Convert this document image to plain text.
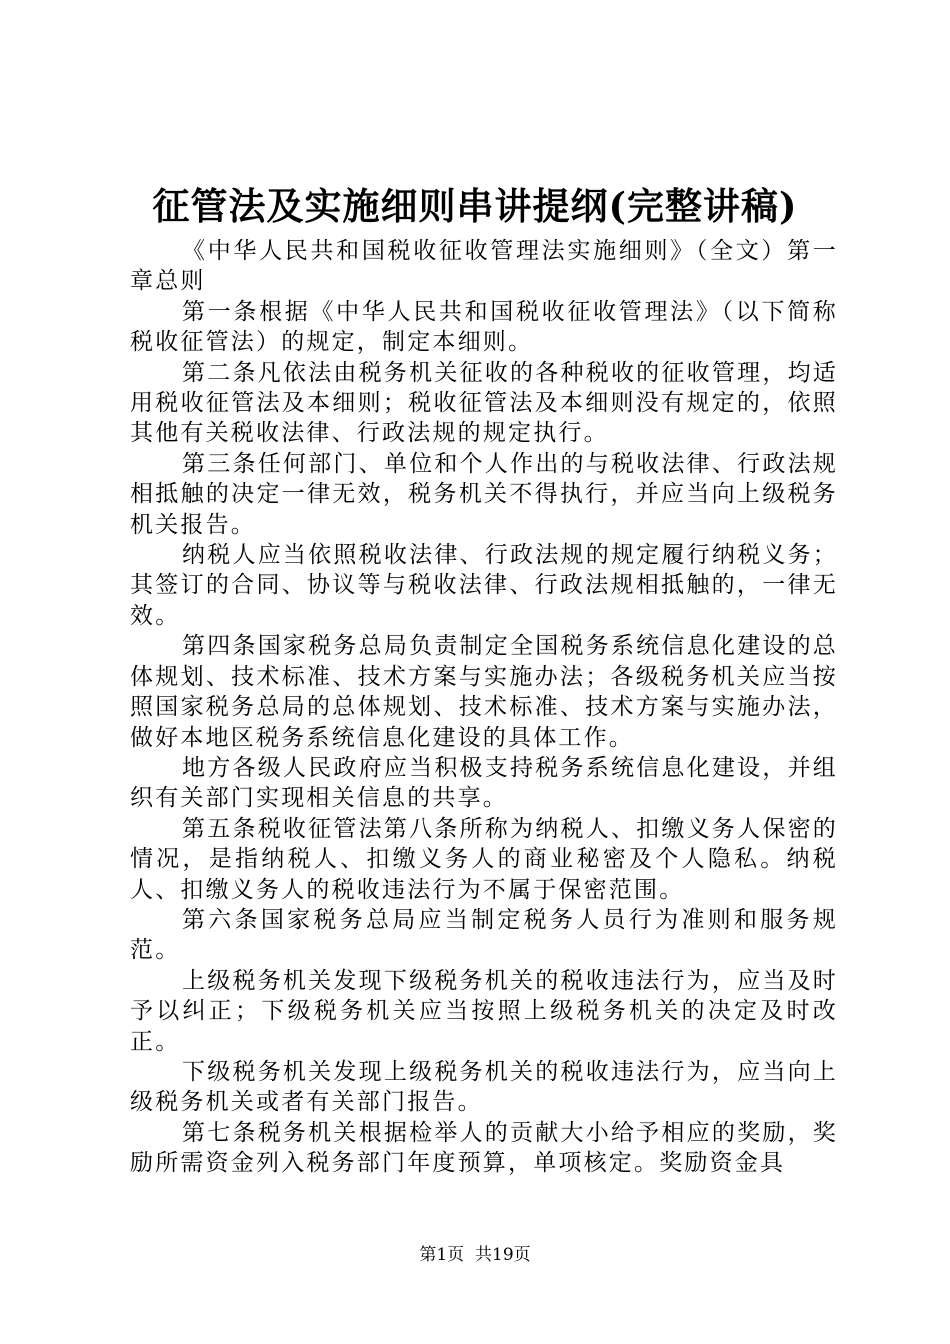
征管法及实施细则串讲提纲(完整讲稿)

《中华人民共和国税收征收管理法实施细则》（全文）第一章总则

第一条根据《中华人民共和国税收征收管理法》（以下简称税收征管法）的规定，制定本细则。

第二条凡依法由税务机关征收的各种税收的征收管理，均适用税收征管法及本细则；税收征管法及本细则没有规定的，依照其他有关税收法律、行政法规的规定执行。

第三条任何部门、单位和个人作出的与税收法律、行政法规相抵触的决定一律无效，税务机关不得执行，并应当向上级税务机关报告。

纳税人应当依照税收法律、行政法规的规定履行纳税义务；其签订的合同、协议等与税收法律、行政法规相抵触的，一律无效。

第四条国家税务总局负责制定全国税务系统信息化建设的总体规划、技术标准、技术方案与实施办法；各级税务机关应当按照国家税务总局的总体规划、技术标准、技术方案与实施办法，做好本地区税务系统信息化建设的具体工作。

地方各级人民政府应当积极支持税务系统信息化建设，并组织有关部门实现相关信息的共享。

第五条税收征管法第八条所称为纳税人、扣缴义务人保密的情况，是指纳税人、扣缴义务人的商业秘密及个人隐私。纳税人、扣缴义务人的税收违法行为不属于保密范围。

第六条国家税务总局应当制定税务人员行为准则和服务规范。

上级税务机关发现下级税务机关的税收违法行为，应当及时予以纠正；下级税务机关应当按照上级税务机关的决定及时改正。

下级税务机关发现上级税务机关的税收违法行为，应当向上级税务机关或者有关部门报告。

第七条税务机关根据检举人的贡献大小给予相应的奖励，奖励所需资金列入税务部门年度预算，单项核定。奖励资金具

第1页 共19页
